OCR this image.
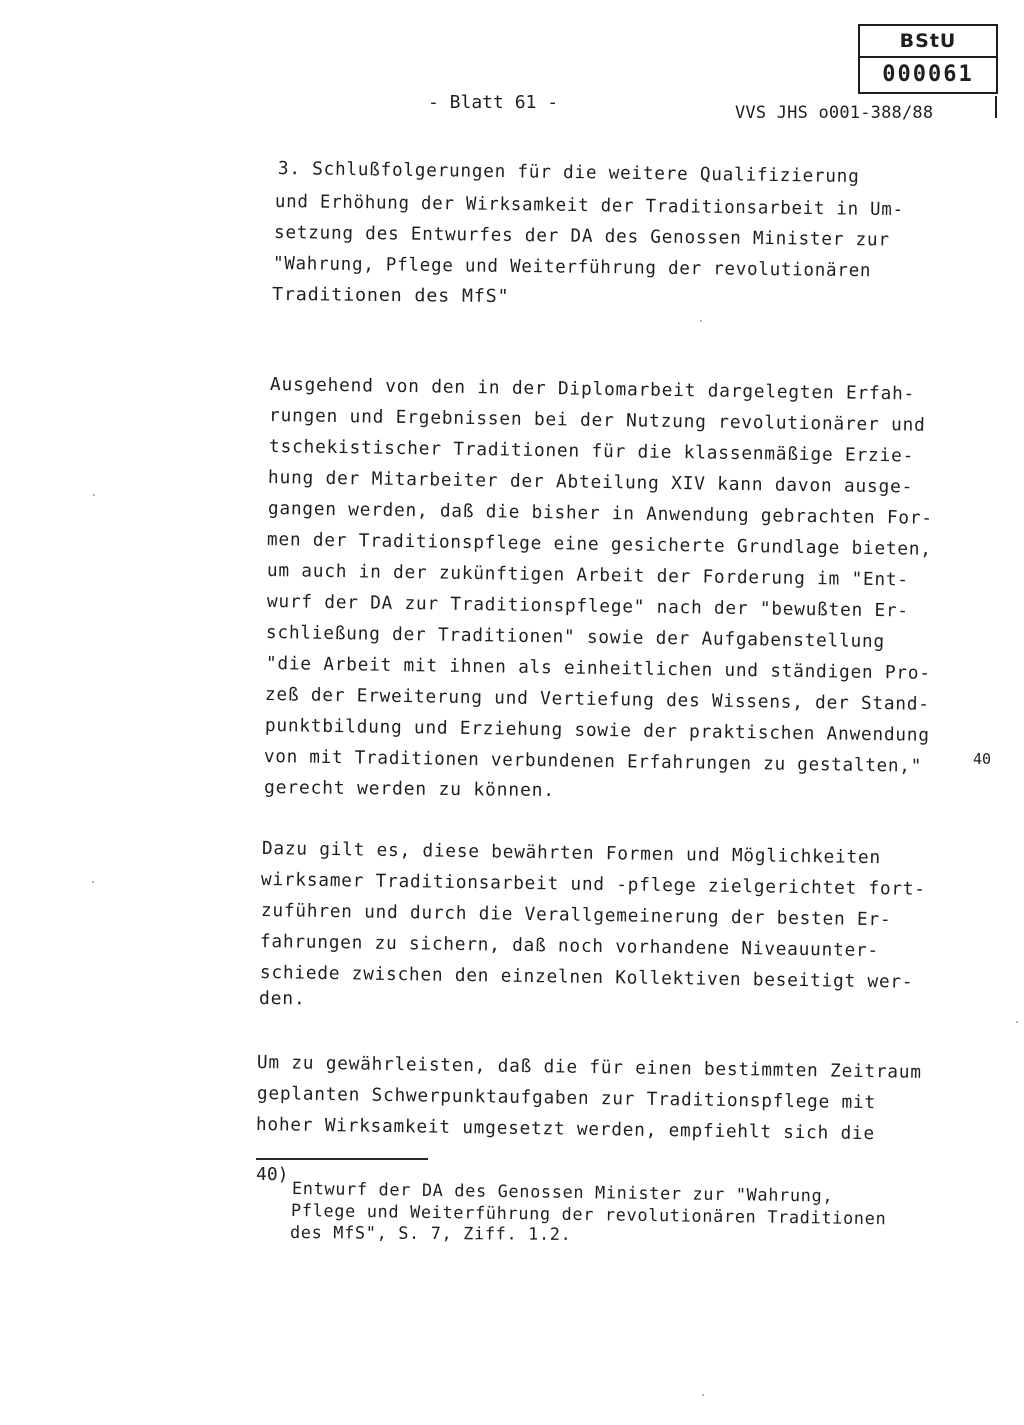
BStU
000061
- Blatt 61 -	VVS JHS o001-388/88
3. Schlußfolgerungen für die weitere Qualifizierung
und Erhöhung der Wirksamkeit der Traditionsarbeit in Um-
setzung des Entwurfes der DA des Genossen Minister zur
"Wahrung, Pflege und Weiterführung der revolutionären
Traditionen des MfS"
Ausgehend von den in der Diplomarbeit dargelegten Erfah-
rungen und Ergebnissen bei der Nutzung revolutionärer und
tschekistischer Traditionen für die klassenmäßige Erzie-
hung der Mitarbeiter der Abteilung XIV kann davon ausge-
gangen werden, daß die bisher in Anwendung gebrachten For-
men der Traditionspflege eine gesicherte Grundlage bieten,
um auch in der zukünftigen Arbeit der Forderung im "Ent-
wurf der DA zur Traditionspflege" nach der "bewußten Er-
schließung der Traditionen" sowie der Aufgabenstellung
"die Arbeit mit ihnen als einheitlichen und ständigen Pro-
zeß der Erweiterung und Vertiefung des Wissens, der Stand-
punktbildung und Erziehung sowie der praktischen Anwendung
von mit Traditionen verbundenen Erfahrungen zu gestalten,"	40
gerecht werden zu können.
Dazu gilt es, diese bewährten Formen und Möglichkeiten
wirksamer Traditionsarbeit und -pflege zielgerichtet fort-
zuführen und durch die Verallgemeinerung der besten Er-
fahrungen zu sichern, daß noch vorhandene Niveauunter-
schiede zwischen den einzelnen Kollektiven beseitigt wer-
den.
Um zu gewährleisten, daß die für einen bestimmten Zeitraum
geplanten Schwerpunktaufgaben zur Traditionspflege mit
hoher Wirksamkeit umgesetzt werden, empfiehlt sich die
40)
Entwurf der DA des Genossen Minister zur "Wahrung,
Pflege und Weiterführung der revolutionären Traditionen
des MfS", S. 7, Ziff. 1.2.
